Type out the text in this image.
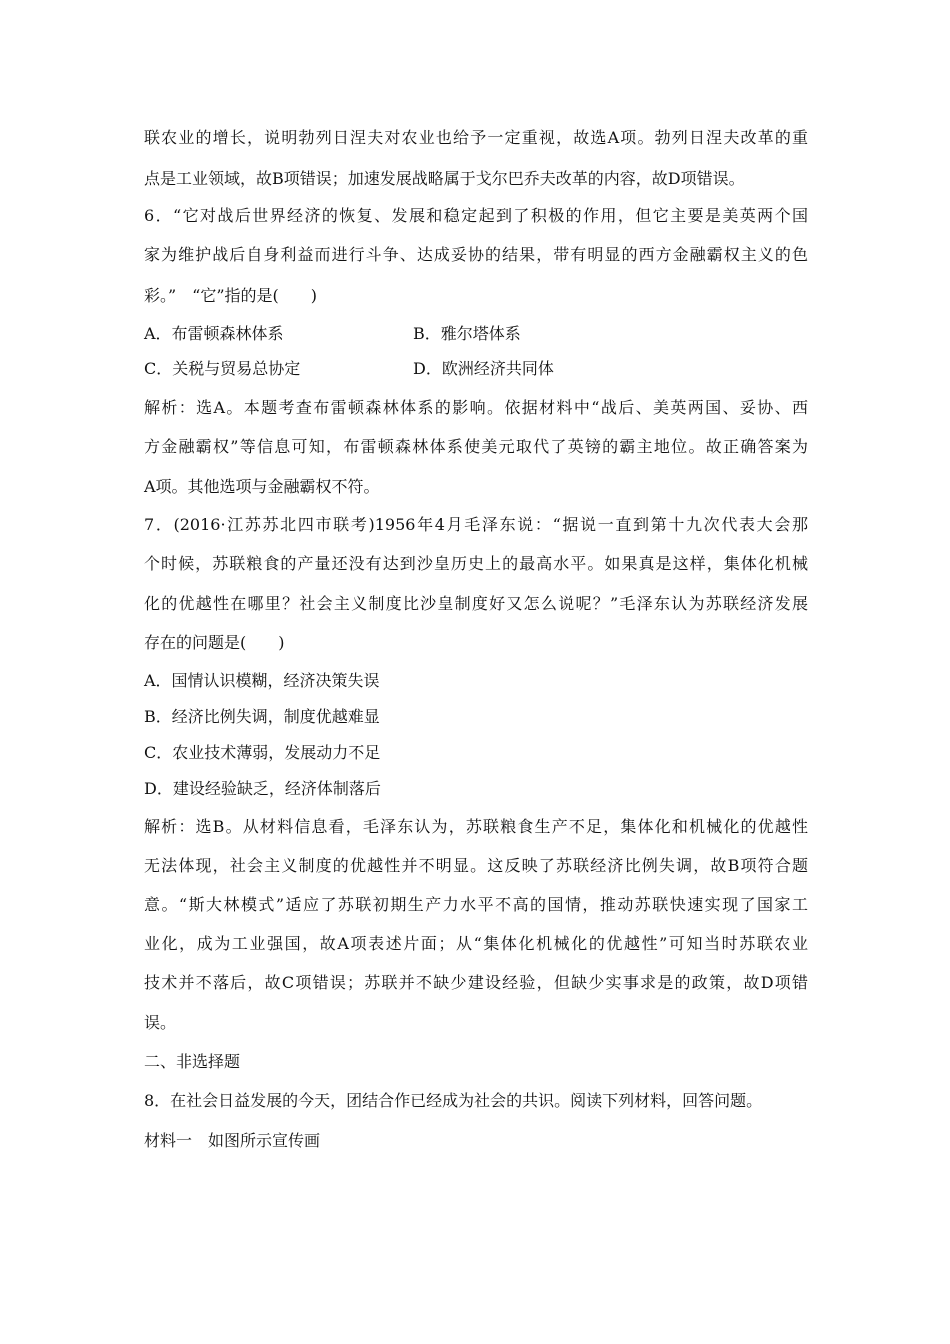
联农业的增长，说明勃列日涅夫对农业也给予一定重视，故选A项。勃列日涅夫改革的重
点是工业领域，故B项错误；加速发展战略属于戈尔巴乔夫改革的内容，故D项错误。
6．“它对战后世界经济的恢复、发展和稳定起到了积极的作用，但它主要是美英两个国
家为维护战后自身利益而进行斗争、达成妥协的结果，带有明显的西方金融霸权主义的色
彩。”　“它”指的是(　　)
A．布雷顿森林体系	B．雅尔塔体系
C．关税与贸易总协定	D．欧洲经济共同体
解析：选A。本题考查布雷顿森林体系的影响。依据材料中“战后、美英两国、妥协、西
方金融霸权”等信息可知，布雷顿森林体系使美元取代了英镑的霸主地位。故正确答案为
A项。其他选项与金融霸权不符。
7．(2016·江苏苏北四市联考)1956年4月毛泽东说：“据说一直到第十九次代表大会那
个时候，苏联粮食的产量还没有达到沙皇历史上的最高水平。如果真是这样，集体化机械
化的优越性在哪里？社会主义制度比沙皇制度好又怎么说呢？”毛泽东认为苏联经济发展
存在的问题是(　　)
A．国情认识模糊，经济决策失误
B．经济比例失调，制度优越难显
C．农业技术薄弱，发展动力不足
D．建设经验缺乏，经济体制落后
解析：选B。从材料信息看，毛泽东认为，苏联粮食生产不足，集体化和机械化的优越性
无法体现，社会主义制度的优越性并不明显。这反映了苏联经济比例失调，故B项符合题
意。“斯大林模式”适应了苏联初期生产力水平不高的国情，推动苏联快速实现了国家工
业化，成为工业强国，故A项表述片面；从“集体化机械化的优越性”可知当时苏联农业
技术并不落后，故C项错误；苏联并不缺少建设经验，但缺少实事求是的政策，故D项错
误。
二、非选择题
8．在社会日益发展的今天，团结合作已经成为社会的共识。阅读下列材料，回答问题。
材料一　如图所示宣传画
